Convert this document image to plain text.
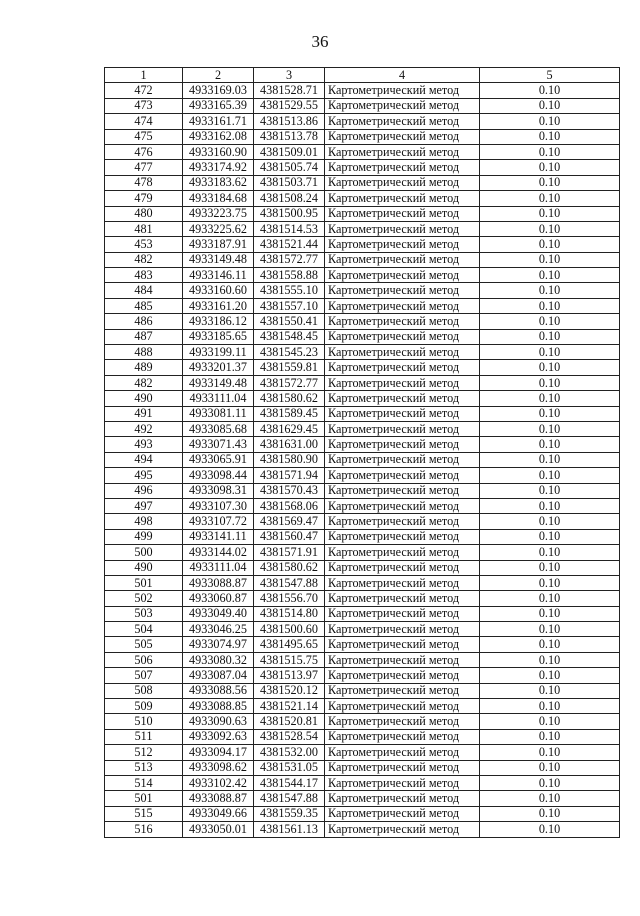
36
1	2	3	4	5
472	4933169.03	4381528.71	Картометрический метод	0.10
473	4933165.39	4381529.55	Картометрический метод	0.10
474	4933161.71	4381513.86	Картометрический метод	0.10
475	4933162.08	4381513.78	Картометрический метод	0.10
476	4933160.90	4381509.01	Картометрический метод	0.10
477	4933174.92	4381505.74	Картометрический метод	0.10
478	4933183.62	4381503.71	Картометрический метод	0.10
479	4933184.68	4381508.24	Картометрический метод	0.10
480	4933223.75	4381500.95	Картометрический метод	0.10
481	4933225.62	4381514.53	Картометрический метод	0.10
453	4933187.91	4381521.44	Картометрический метод	0.10
482	4933149.48	4381572.77	Картометрический метод	0.10
483	4933146.11	4381558.88	Картометрический метод	0.10
484	4933160.60	4381555.10	Картометрический метод	0.10
485	4933161.20	4381557.10	Картометрический метод	0.10
486	4933186.12	4381550.41	Картометрический метод	0.10
487	4933185.65	4381548.45	Картометрический метод	0.10
488	4933199.11	4381545.23	Картометрический метод	0.10
489	4933201.37	4381559.81	Картометрический метод	0.10
482	4933149.48	4381572.77	Картометрический метод	0.10
490	4933111.04	4381580.62	Картометрический метод	0.10
491	4933081.11	4381589.45	Картометрический метод	0.10
492	4933085.68	4381629.45	Картометрический метод	0.10
493	4933071.43	4381631.00	Картометрический метод	0.10
494	4933065.91	4381580.90	Картометрический метод	0.10
495	4933098.44	4381571.94	Картометрический метод	0.10
496	4933098.31	4381570.43	Картометрический метод	0.10
497	4933107.30	4381568.06	Картометрический метод	0.10
498	4933107.72	4381569.47	Картометрический метод	0.10
499	4933141.11	4381560.47	Картометрический метод	0.10
500	4933144.02	4381571.91	Картометрический метод	0.10
490	4933111.04	4381580.62	Картометрический метод	0.10
501	4933088.87	4381547.88	Картометрический метод	0.10
502	4933060.87	4381556.70	Картометрический метод	0.10
503	4933049.40	4381514.80	Картометрический метод	0.10
504	4933046.25	4381500.60	Картометрический метод	0.10
505	4933074.97	4381495.65	Картометрический метод	0.10
506	4933080.32	4381515.75	Картометрический метод	0.10
507	4933087.04	4381513.97	Картометрический метод	0.10
508	4933088.56	4381520.12	Картометрический метод	0.10
509	4933088.85	4381521.14	Картометрический метод	0.10
510	4933090.63	4381520.81	Картометрический метод	0.10
511	4933092.63	4381528.54	Картометрический метод	0.10
512	4933094.17	4381532.00	Картометрический метод	0.10
513	4933098.62	4381531.05	Картометрический метод	0.10
514	4933102.42	4381544.17	Картометрический метод	0.10
501	4933088.87	4381547.88	Картометрический метод	0.10
515	4933049.66	4381559.35	Картометрический метод	0.10
516	4933050.01	4381561.13	Картометрический метод	0.10
